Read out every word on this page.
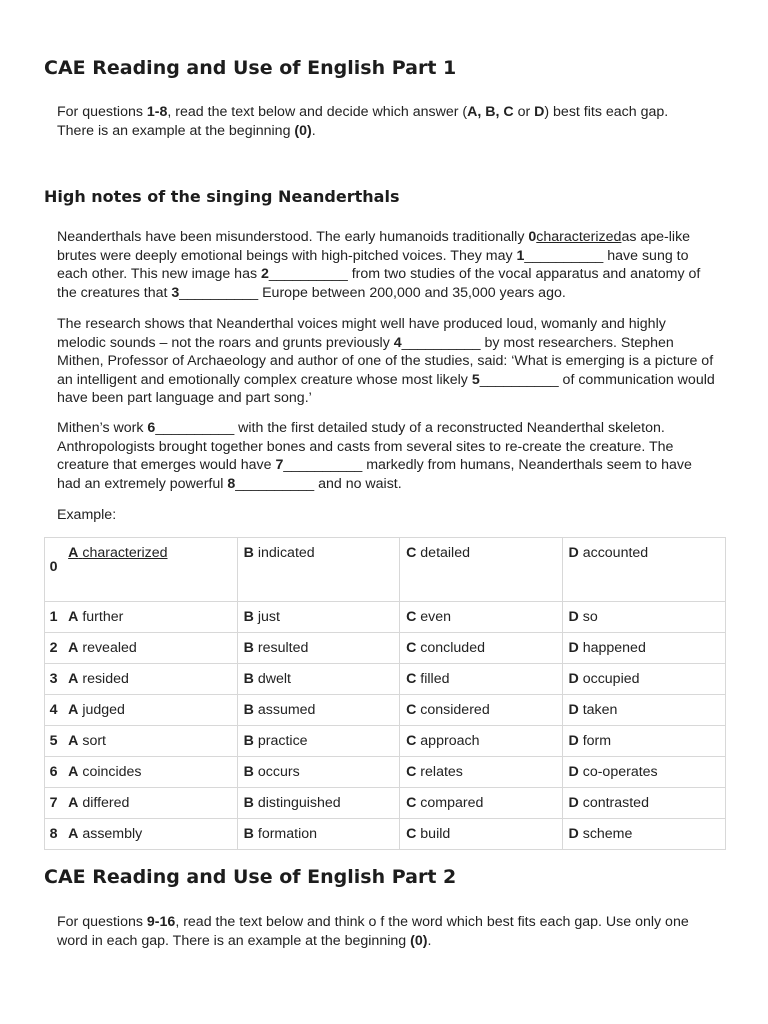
CAE Reading and Use of English Part 1

For questions 1-8, read the text below and decide which answer (A, B, C or D) best fits each gap.
There is an example at the beginning (0).

High notes of the singing Neanderthals

Neanderthals have been misunderstood. The early humanoids traditionally 0characterizedas ape-like brutes were deeply emotional beings with high-pitched voices. They may 1__________ have sung to each other. This new image has 2__________ from two studies of the vocal apparatus and anatomy of the creatures that 3__________ Europe between 200,000 and 35,000 years ago.

The research shows that Neanderthal voices might well have produced loud, womanly and highly melodic sounds – not the roars and grunts previously 4__________ by most researchers. Stephen Mithen, Professor of Archaeology and author of one of the studies, said: ‘What is emerging is a picture of an intelligent and emotionally complex creature whose most likely 5__________ of communication would have been part language and part song.’

Mithen’s work 6__________ with the first detailed study of a reconstructed Neanderthal skeleton. Anthropologists brought together bones and casts from several sites to re-create the creature. The creature that emerges would have 7__________ markedly from humans, Neanderthals seem to have had an extremely powerful 8__________ and no waist.

Example:

0	A characterized	B indicated	C detailed	D accounted
1	A further	B just	C even	D so
2	A revealed	B resulted	C concluded	D happened
3	A resided	B dwelt	C filled	D occupied
4	A judged	B assumed	C considered	D taken
5	A sort	B practice	C approach	D form
6	A coincides	B occurs	C relates	D co-operates
7	A differed	B distinguished	C compared	D contrasted
8	A assembly	B formation	C build	D scheme
CAE Reading and Use of English Part 2

For questions 9-16, read the text below and think o f the word which best fits each gap. Use only one word in each gap. There is an example at the beginning (0).
